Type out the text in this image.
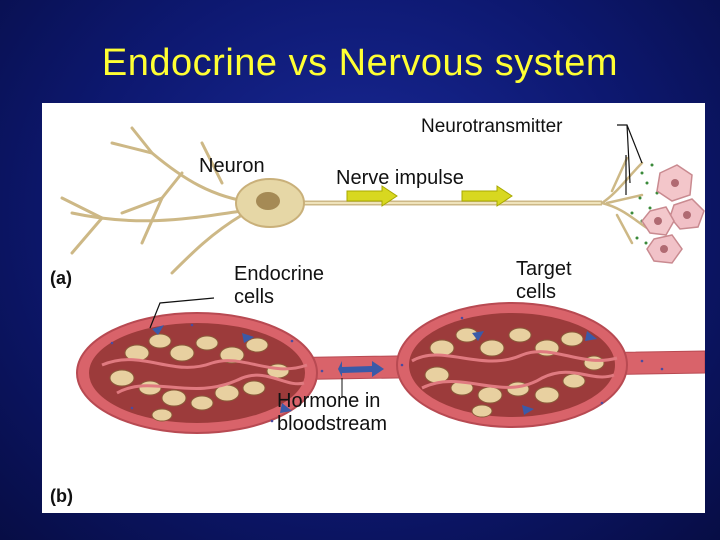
Endocrine vs Nervous system
Neurotransmitter
Neuron
Nerve impulse
(a)	Endocrine
cells
Target
cells
Hormone in
bloodstream
(b)
